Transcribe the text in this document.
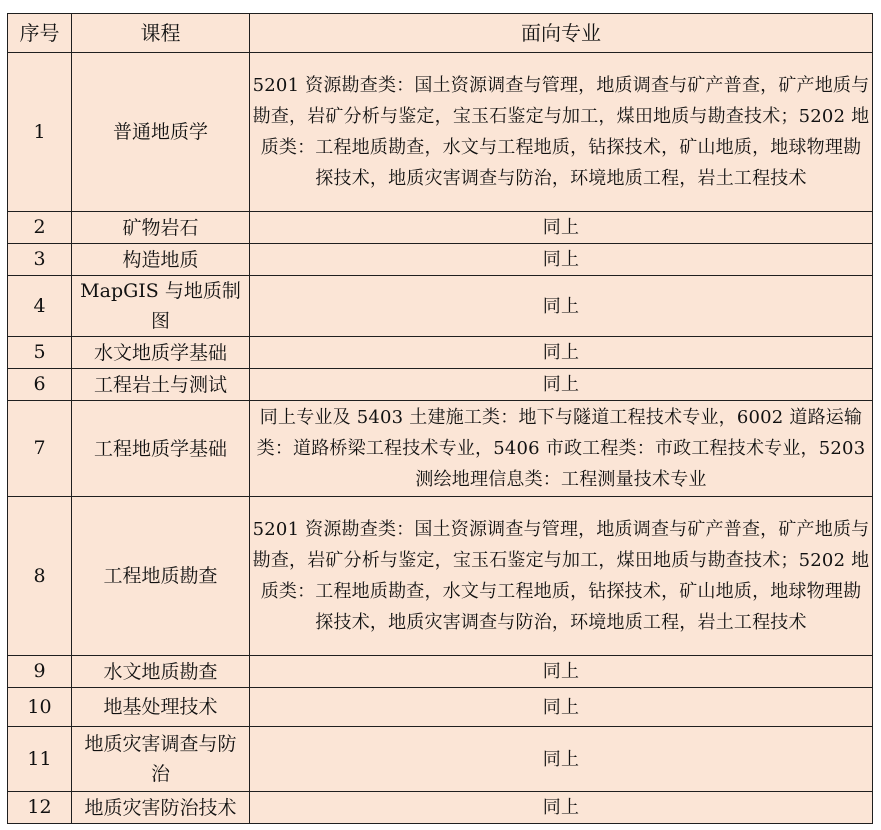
序号	课程	面向专业
1	普通地质学	5201 资源勘查类：国土资源调查与管理，地质调查与矿产普查，矿产地质与勘查，岩矿分析与鉴定，宝玉石鉴定与加工，煤田地质与勘查技术；5202 地质类：工程地质勘查，水文与工程地质，钻探技术，矿山地质，地球物理勘探技术，地质灾害调查与防治，环境地质工程，岩土工程技术
2	矿物岩石	同上
3	构造地质	同上
4	MapGIS 与地质制图	同上
5	水文地质学基础	同上
6	工程岩土与测试	同上
7	工程地质学基础	同上专业及 5403 土建施工类：地下与隧道工程技术专业，6002 道路运输类：道路桥梁工程技术专业，5406 市政工程类：市政工程技术专业，5203 测绘地理信息类：工程测量技术专业
8	工程地质勘查	5201 资源勘查类：国土资源调查与管理，地质调查与矿产普查，矿产地质与勘查，岩矿分析与鉴定，宝玉石鉴定与加工，煤田地质与勘查技术；5202 地质类：工程地质勘查，水文与工程地质，钻探技术，矿山地质，地球物理勘探技术，地质灾害调查与防治，环境地质工程，岩土工程技术
9	水文地质勘查	同上
10	地基处理技术	同上
11	地质灾害调查与防治	同上
12	地质灾害防治技术	同上
